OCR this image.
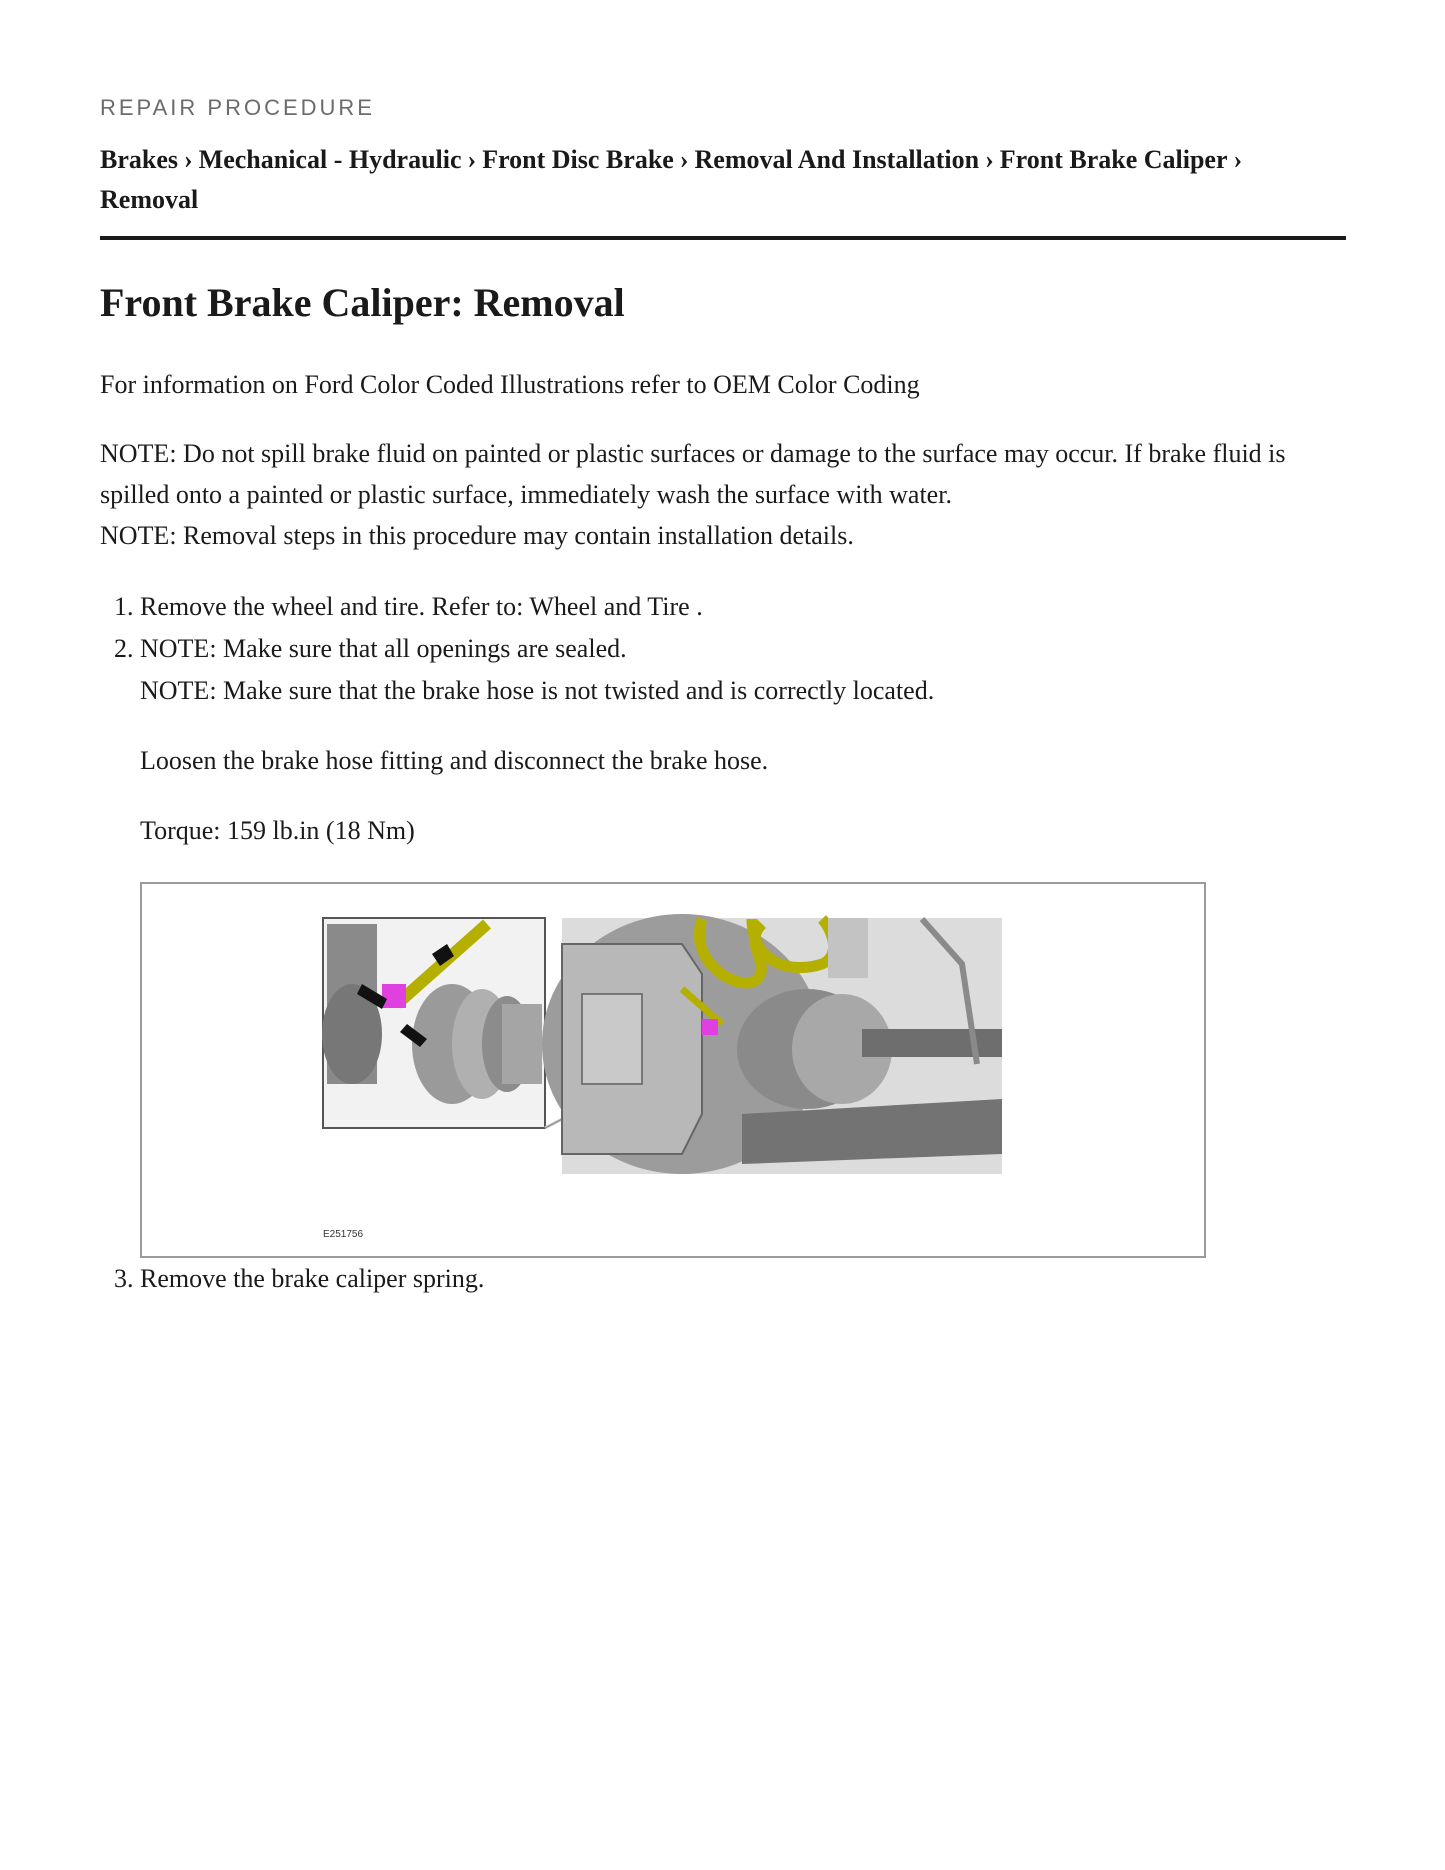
REPAIR PROCEDURE
Brakes › Mechanical - Hydraulic › Front Disc Brake › Removal And Installation › Front Brake Caliper ›
Removal
Front Brake Caliper: Removal

For information on Ford Color Coded Illustrations refer to OEM Color Coding

NOTE: Do not spill brake fluid on painted or plastic surfaces or damage to the surface may occur. If brake fluid is spilled onto a painted or plastic surface, immediately wash the surface with water.

NOTE: Removal steps in this procedure may contain installation details.

1. Remove the wheel and tire. Refer to: Wheel and Tire .
2. NOTE: Make sure that all openings are sealed.
NOTE: Make sure that the brake hose is not twisted and is correctly located.
Loosen the brake hose fitting and disconnect the brake hose.
Torque: 159 lb.in (18 Nm)
E251756
3. Remove the brake caliper spring.
